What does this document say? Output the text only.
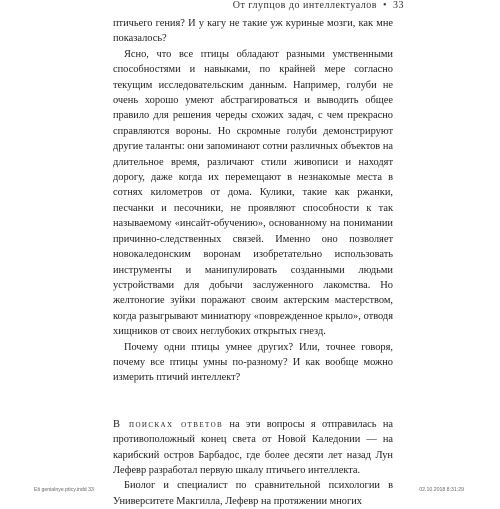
От глупцов до интеллектуалов • 33

птичьего гения? И у кагу не такие уж куриные мозги, как мне показалось?

Ясно, что все птицы обладают разными умственными способностями и навыками, по крайней мере согласно текущим исследовательским данным. Например, голуби не очень хорошо умеют абстрагироваться и выводить общее правило для решения череды схожих задач, с чем прекрасно справляются вороны. Но скромные голуби демонстрируют другие таланты: они запоминают сотни различных объектов на длительное время, различают стили живописи и находят дорогу, даже когда их перемещают в незнакомые места в сотнях километров от дома. Кулики, такие как ржанки, песчанки и песочники, не проявляют способности к так называемому «инсайт-обучению», основанному на понимании причинно-следственных связей. Именно оно позволяет новокаледонским воронам изобретательно использовать инструменты и манипулировать созданными людьми устройствами для добычи заслуженного лакомства. Но желтоногие зуйки поражают своим актерским мастерством, когда разыгрывают миниатюру «поврежденное крыло», отводя хищников от своих неглубоких открытых гнезд.

Почему одни птицы умнее других? Или, точнее говоря, почему все птицы умны по-разному? И как вообще можно измерить птичий интеллект?

В поисках ответов на эти вопросы я отправилась на противоположный конец света от Новой Каледонии — на карибский остров Барбадос, где более десяти лет назад Лун Лефевр разработал первую шкалу птичьего интеллекта.

Биолог и специалист по сравнительной психологии в Университете Макгилла, Лефевр на протяжении многих

Eti genialnye pticy.indd 33	02.10.2018 8:31:29
